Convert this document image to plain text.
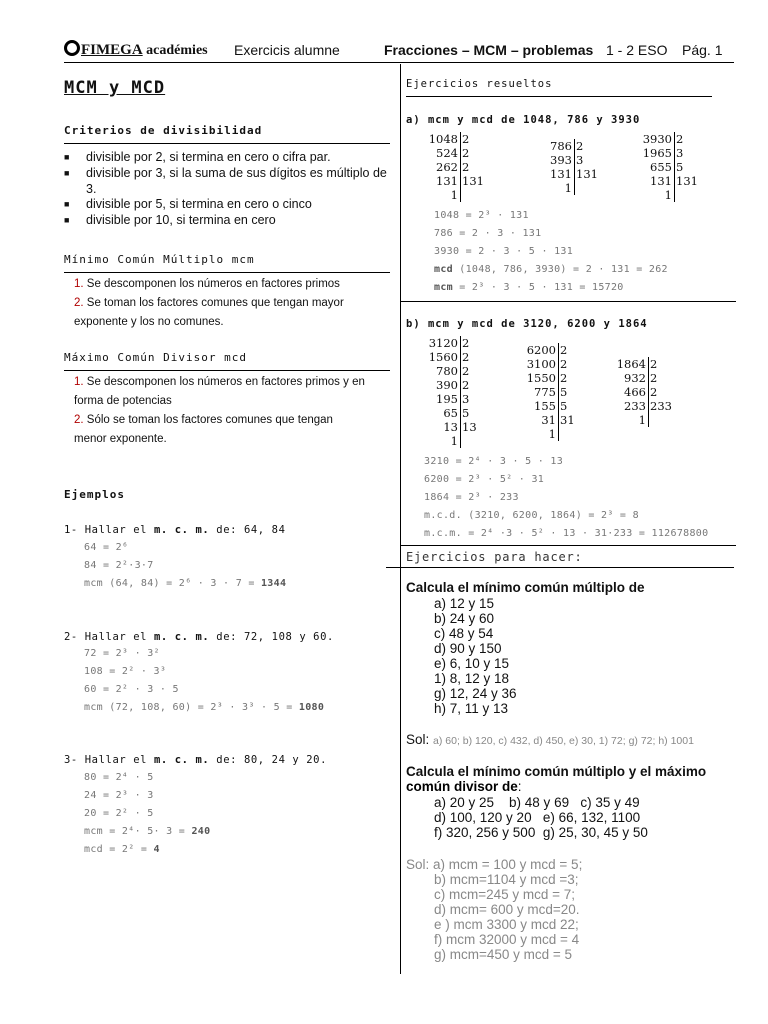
FIMEGA académies Exercicis alumne	Fracciones – MCM – problemas 1 - 2 ESO Pág. 1
MCM y MCD
Criterios de divisibilidad
■ divisible por 2, si termina en cero o cifra par.
■ divisible por 3, si la suma de sus dígitos es múltiplo de 3.
■ divisible por 5, si termina en cero o cinco
■ divisible por 10, si termina en cero
Mínimo Común Múltiplo mcm
1. Se descomponen los números en factores primos
2. Se toman los factores comunes que tengan mayor exponente y los no comunes.
Máximo Común Divisor mcd
1. Se descomponen los números en factores primos y en forma de potencias
2. Sólo se toman los factores comunes que tengan menor exponente.
Ejemplos
1- Hallar el m. c. m. de: 64, 84
64 = 2⁶
84 = 2²·3·7
mcm (64, 84) = 2⁶ · 3 · 7 = 1344
2- Hallar el m. c. m. de: 72, 108 y 60.
72 = 2³ · 3²
108 = 2² · 3³
60 = 2² · 3 · 5
mcm (72, 108, 60) = 2³ · 3³ · 5 = 1080
3- Hallar el m. c. m. de: 80, 24 y 20.
80 = 2⁴ · 5
24 = 2³ · 3
20 = 2² · 5
mcm = 2⁴· 5· 3 = 240
mcd = 2² = 4
Ejercicios resueltos
a) mcm y mcd de 1048, 786 y 3930
1048 2
524 2
262 2
131 131
1
786 2
393 3
131 131
1
3930 2
1965 3
655 5
131 131
1
1048 = 2³ · 131
786 = 2 · 3 · 131
3930 = 2 · 3 · 5 · 131
mcd (1048, 786, 3930) = 2 · 131 = 262
mcm = 2³ · 3 · 5 · 131 = 15720
b) mcm y mcd de 3120, 6200 y 1864
3120 2
1560 2
780 2
390 2
195 3
65 5
13 13
1
6200 2
3100 2
1550 2
775 5
155 5
31 31
1
1864 2
932 2
466 2
233 233
1
3210 = 2⁴ · 3 · 5 · 13
6200 = 2³ · 5² · 31
1864 = 2³ · 233
m.c.d. (3210, 6200, 1864) = 2³ = 8
m.c.m. = 2⁴ ·3 · 5² · 13 · 31·233 = 112678800
Ejercicios para hacer:
Calcula el mínimo común múltiplo de
a) 12 y 15
b) 24 y 60
c) 48 y 54
d) 90 y 150
e) 6, 10 y 15
1) 8, 12 y 18
g) 12, 24 y 36
h) 7, 11 y 13
Sol: a) 60; b) 120, c) 432, d) 450, e) 30, 1) 72; g) 72; h) 1001
Calcula el mínimo común múltiplo y el máximo
común divisor de:
a) 20 y 25    b) 48 y 69   c) 35 y 49
d) 100, 120 y 20   e) 66, 132, 1100
f) 320, 256 y 500  g) 25, 30, 45 y 50
Sol: a) mcm = 100 y mcd = 5;
b) mcm=1104 y mcd =3;
c) mcm=245 y mcd = 7;
d) mcm= 600 y mcd=20.
e ) mcm 3300 y mcd 22;
f) mcm 32000 y mcd = 4
g) mcm=450 y mcd = 5
